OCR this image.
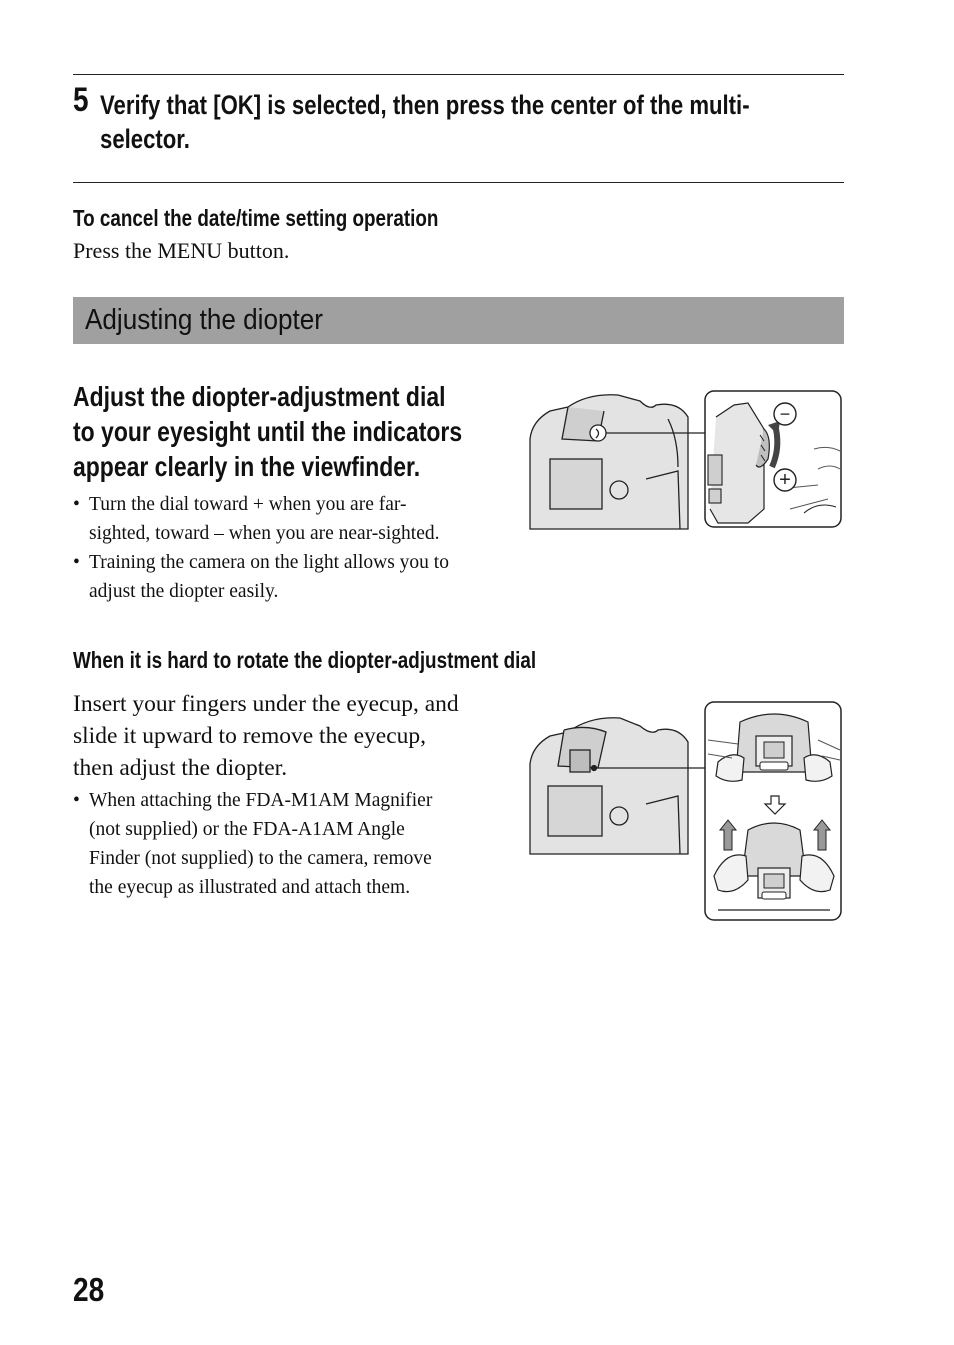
5 Verify that [OK] is selected, then press the center of the multi-
selector.
To cancel the date/time setting operation
Press the MENU button.
Adjusting the diopter
Adjust the diopter-adjustment dial
to your eyesight until the indicators
appear clearly in the viewfinder.
• Turn the dial toward + when you are far-
sighted, toward – when you are near-sighted.
• Training the camera on the light allows you to
adjust the diopter easily.
−
+
When it is hard to rotate the diopter-adjustment dial
Insert your fingers under the eyecup, and
slide it upward to remove the eyecup,
then adjust the diopter.
• When attaching the FDA-M1AM Magnifier
(not supplied) or the FDA-A1AM Angle
Finder (not supplied) to the camera, remove
the eyecup as illustrated and attach them.
28
